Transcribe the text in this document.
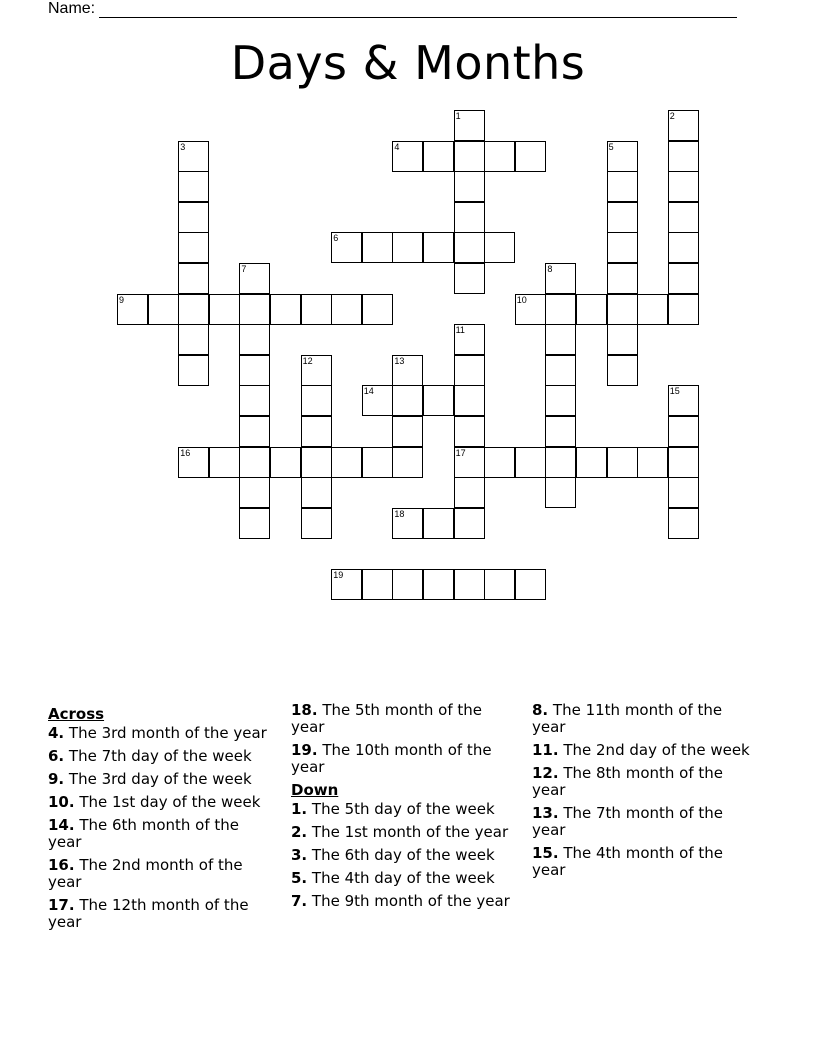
Name:
Days & Months
1	2
3	4	5
6
7	8
9	10
11
17
12	13
14	15
16
18
19
Across
4. The 3rd month of the year
6. The 7th day of the week
9. The 3rd day of the week
10. The 1st day of the week
14. The 6th month of the year
16. The 2nd month of the year
17. The 12th month of the year
18. The 5th month of the year
19. The 10th month of the year
Down
1. The 5th day of the week
2. The 1st month of the year
3. The 6th day of the week
5. The 4th day of the week
7. The 9th month of the year
8. The 11th month of the year
11. The 2nd day of the week
12. The 8th month of the year
13. The 7th month of the year
15. The 4th month of the year
